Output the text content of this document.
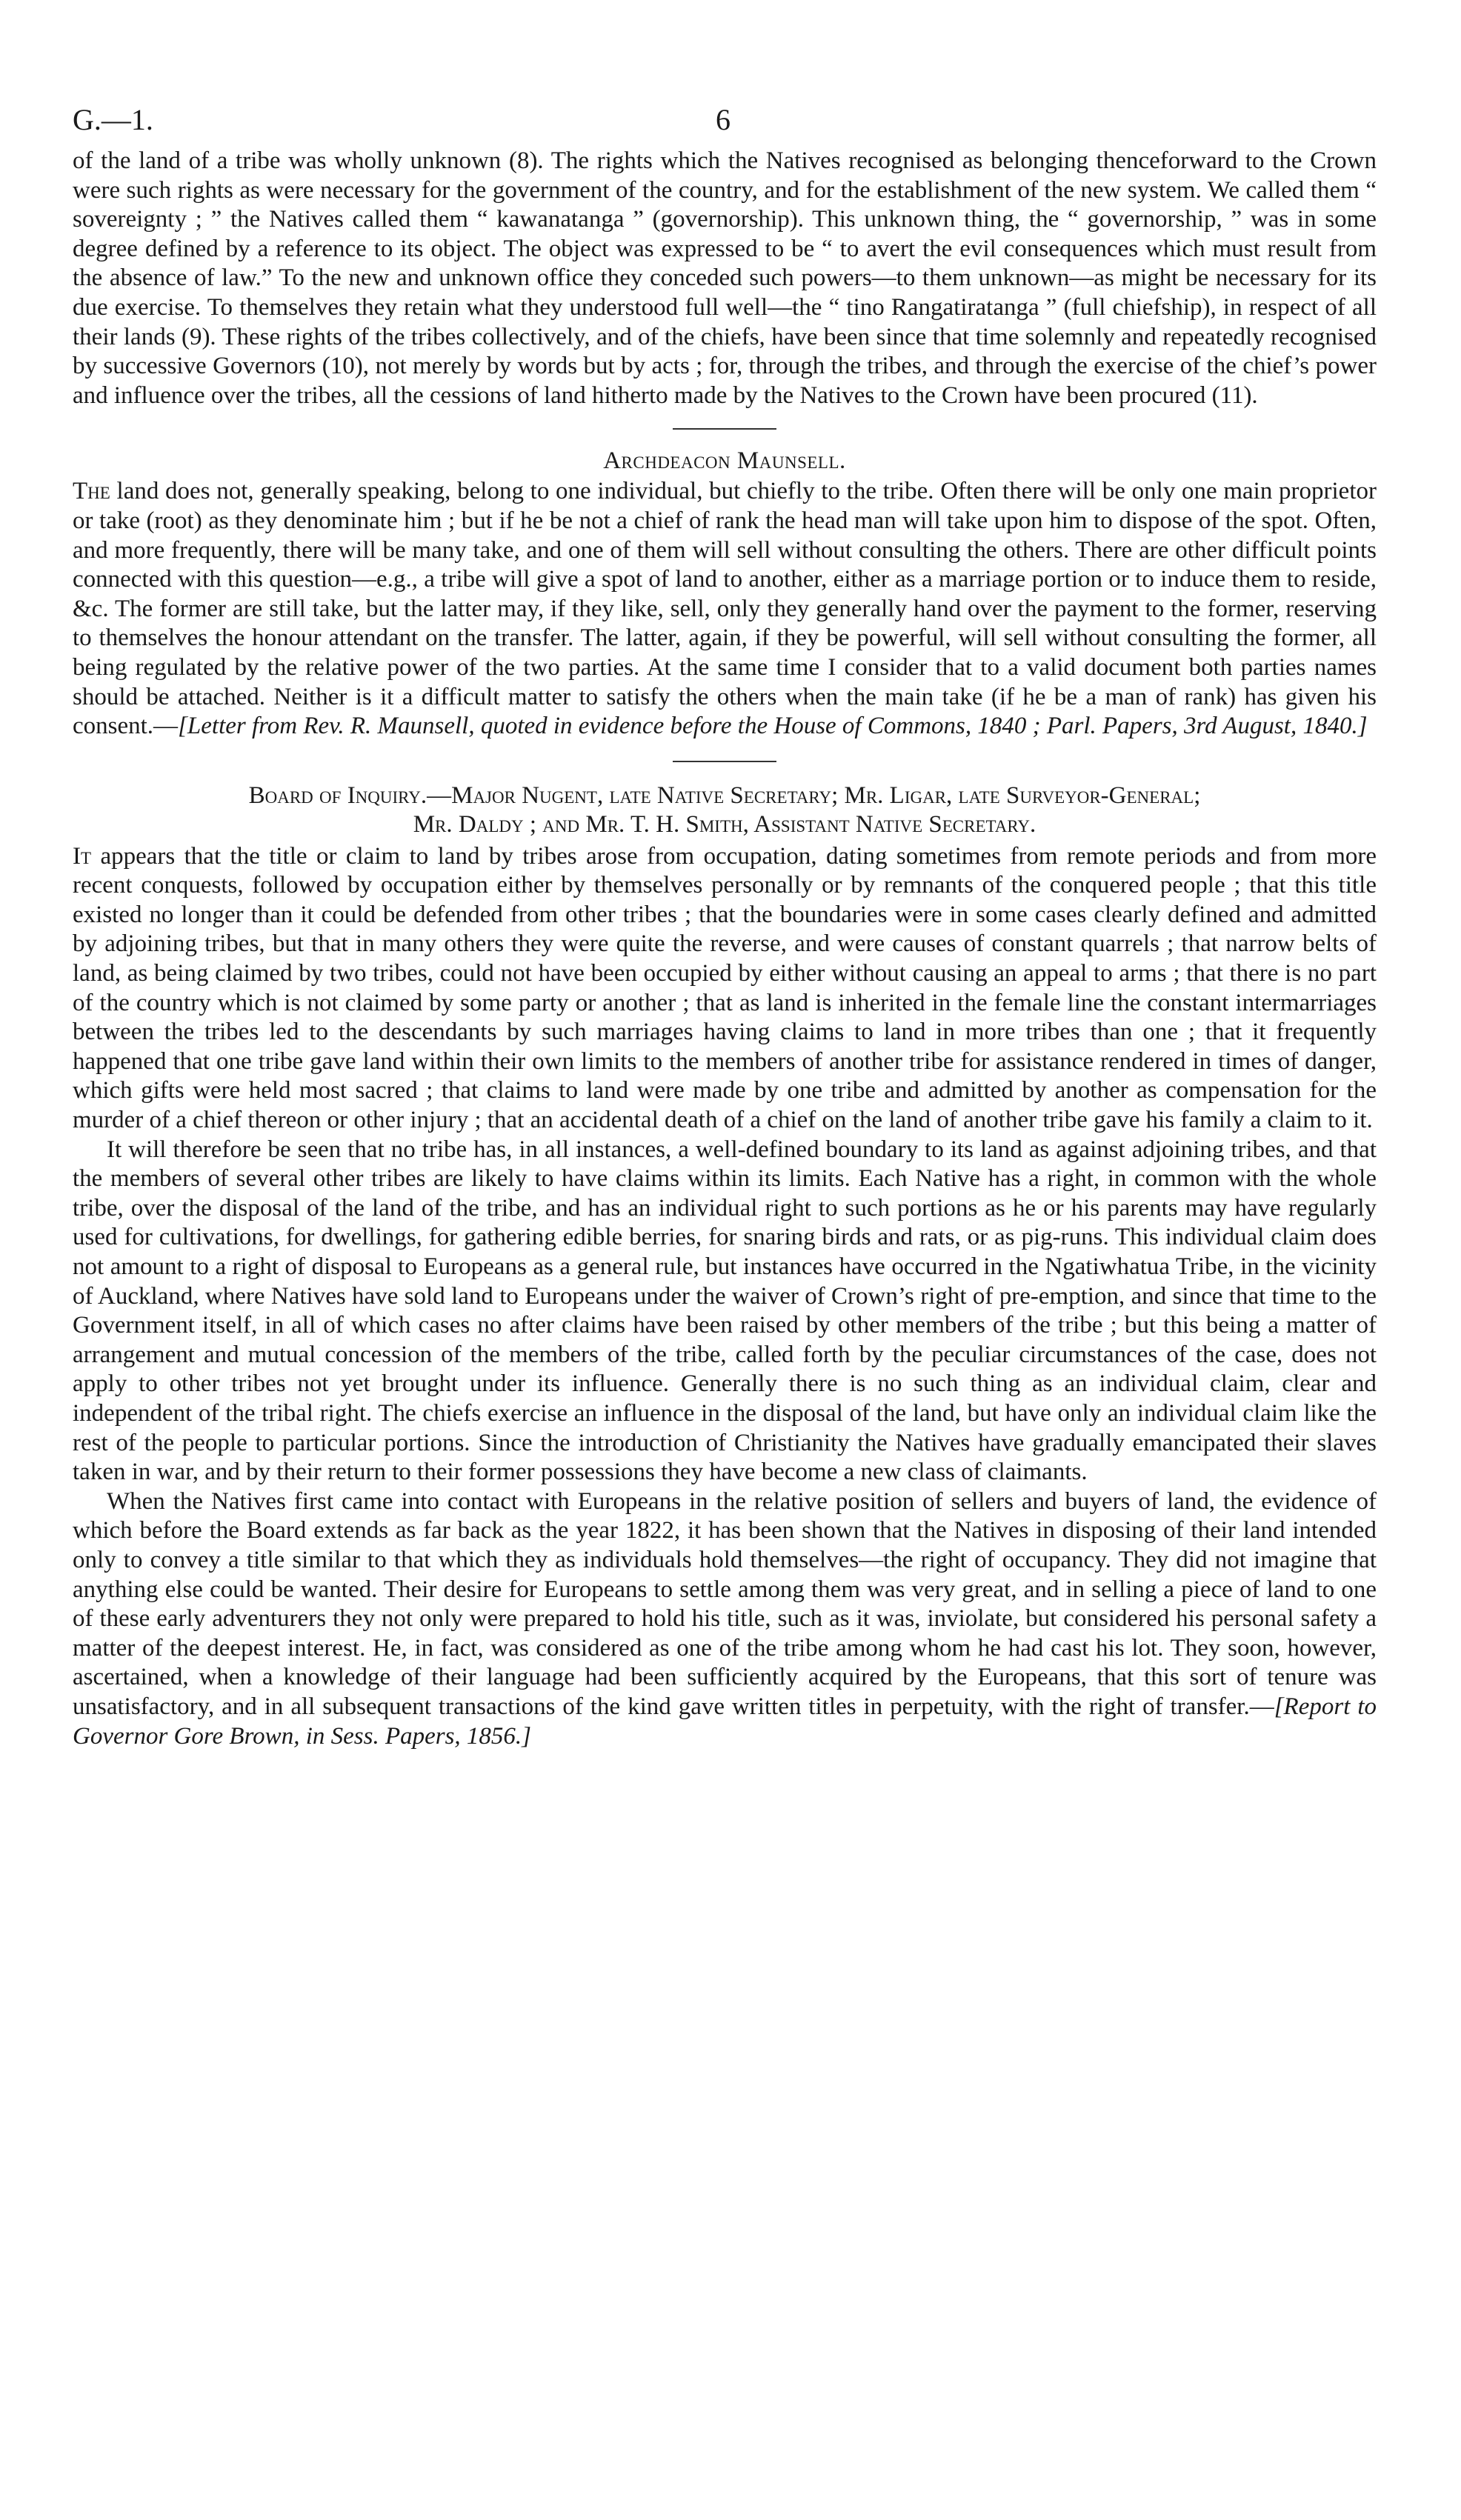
G.—1.	6

of the land of a tribe was wholly unknown (8). The rights which the Natives recognised as belonging thenceforward to the Crown were such rights as were necessary for the government of the country, and for the establishment of the new system. We called them “ sovereignty ; ” the Natives called them “ kawanatanga ” (governorship). This unknown thing, the “ governorship, ” was in some degree defined by a reference to its object. The object was expressed to be “ to avert the evil consequences which must result from the absence of law.” To the new and unknown office they conceded such powers—to them unknown—as might be necessary for its due exercise. To themselves they retain what they understood full well—the “ tino Rangatiratanga ” (full chiefship), in respect of all their lands (9). These rights of the tribes collectively, and of the chiefs, have been since that time solemnly and repeatedly recognised by successive Governors (10), not merely by words but by acts ; for, through the tribes, and through the exercise of the chief’s power and influence over the tribes, all the cessions of land hitherto made by the Natives to the Crown have been procured (11).

Archdeacon Maunsell.

The land does not, generally speaking, belong to one individual, but chiefly to the tribe. Often there will be only one main proprietor or take (root) as they denominate him ; but if he be not a chief of rank the head man will take upon him to dispose of the spot. Often, and more frequently, there will be many take, and one of them will sell without consulting the others. There are other difficult points connected with this question—e.g., a tribe will give a spot of land to another, either as a marriage portion or to induce them to reside, &c. The former are still take, but the latter may, if they like, sell, only they generally hand over the payment to the former, reserving to themselves the honour attendant on the transfer. The latter, again, if they be powerful, will sell without consulting the former, all being regulated by the relative power of the two parties. At the same time I consider that to a valid document both parties names should be attached. Neither is it a difficult matter to satisfy the others when the main take (if he be a man of rank) has given his consent.—[Letter from Rev. R. Maunsell, quoted in evidence before the House of Commons, 1840 ; Parl. Papers, 3rd August, 1840.]

Board of Inquiry.—Major Nugent, late Native Secretary; Mr. Ligar, late Surveyor-General;
Mr. Daldy ; and Mr. T. H. Smith, Assistant Native Secretary.

It appears that the title or claim to land by tribes arose from occupation, dating sometimes from remote periods and from more recent conquests, followed by occupation either by themselves personally or by remnants of the conquered people ; that this title existed no longer than it could be defended from other tribes ; that the boundaries were in some cases clearly defined and admitted by adjoining tribes, but that in many others they were quite the reverse, and were causes of constant quarrels ; that narrow belts of land, as being claimed by two tribes, could not have been occupied by either without causing an appeal to arms ; that there is no part of the country which is not claimed by some party or another ; that as land is inherited in the female line the constant intermarriages between the tribes led to the descendants by such marriages having claims to land in more tribes than one ; that it frequently happened that one tribe gave land within their own limits to the members of another tribe for assistance rendered in times of danger, which gifts were held most sacred ; that claims to land were made by one tribe and admitted by another as compensation for the murder of a chief thereon or other injury ; that an accidental death of a chief on the land of another tribe gave his family a claim to it.

It will therefore be seen that no tribe has, in all instances, a well-defined boundary to its land as against adjoining tribes, and that the members of several other tribes are likely to have claims within its limits. Each Native has a right, in common with the whole tribe, over the disposal of the land of the tribe, and has an individual right to such portions as he or his parents may have regularly used for cultivations, for dwellings, for gathering edible berries, for snaring birds and rats, or as pig-runs. This individual claim does not amount to a right of disposal to Europeans as a general rule, but instances have occurred in the Ngatiwhatua Tribe, in the vicinity of Auckland, where Natives have sold land to Europeans under the waiver of Crown’s right of pre-emption, and since that time to the Government itself, in all of which cases no after claims have been raised by other members of the tribe ; but this being a matter of arrangement and mutual concession of the members of the tribe, called forth by the peculiar circumstances of the case, does not apply to other tribes not yet brought under its influence. Generally there is no such thing as an individual claim, clear and independent of the tribal right. The chiefs exercise an influence in the disposal of the land, but have only an individual claim like the rest of the people to particular portions. Since the introduction of Christianity the Natives have gradually emancipated their slaves taken in war, and by their return to their former possessions they have become a new class of claimants.

When the Natives first came into contact with Europeans in the relative position of sellers and buyers of land, the evidence of which before the Board extends as far back as the year 1822, it has been shown that the Natives in disposing of their land intended only to convey a title similar to that which they as individuals hold themselves—the right of occupancy. They did not imagine that anything else could be wanted. Their desire for Europeans to settle among them was very great, and in selling a piece of land to one of these early adventurers they not only were prepared to hold his title, such as it was, inviolate, but considered his personal safety a matter of the deepest interest. He, in fact, was considered as one of the tribe among whom he had cast his lot. They soon, however, ascertained, when a knowledge of their language had been sufficiently acquired by the Europeans, that this sort of tenure was unsatisfactory, and in all subsequent transactions of the kind gave written titles in perpetuity, with the right of transfer.—[Report to Governor Gore Brown, in Sess. Papers, 1856.]
